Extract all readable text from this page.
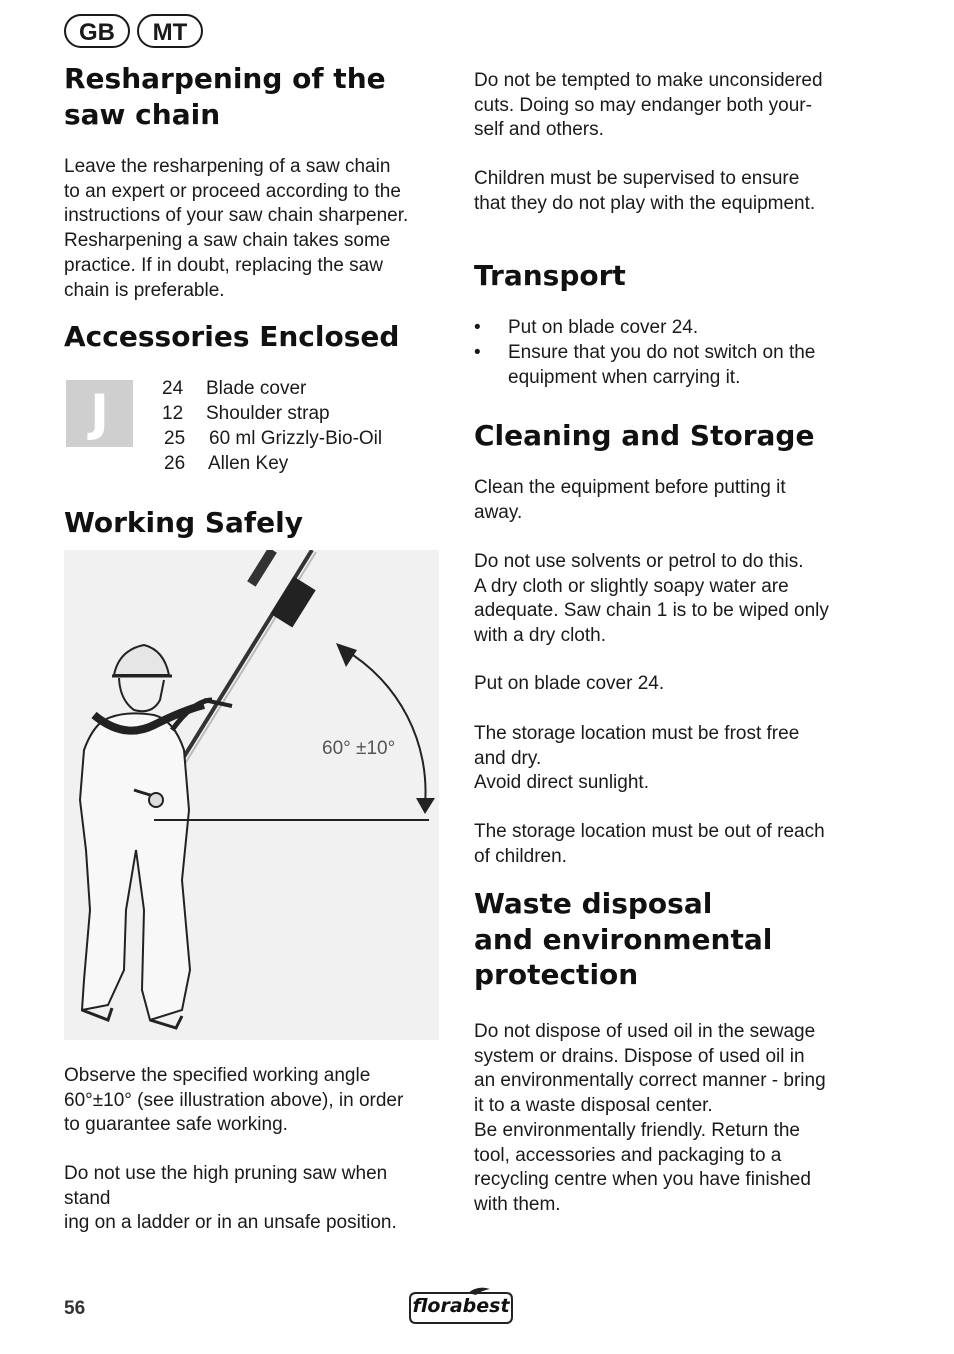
GB	MT
Resharpening of the
saw chain
Leave the resharpening of a saw chain
to an expert or proceed according to the
instructions of your saw chain sharpener.
Resharpening a saw chain takes some
practice. If in doubt, replacing the saw
chain is preferable.
Accessories Enclosed
J	24 Blade cover
12 Shoulder strap
25 60 ml Grizzly-Bio-Oil
26 Allen Key
Working Safely
60° ±10°
Observe the specified working angle
60°±10° (see illustration above), in order
to guarantee safe working.
Do not use the high pruning saw when
stand
ing on a ladder or in an unsafe position.
Do not be tempted to make unconsidered
cuts. Doing so may endanger both your-
self and others.
Children must be supervised to ensure
that they do not play with the equipment.
Transport
• Put on blade cover 24.
• Ensure that you do not switch on the
equipment when carrying it.
Cleaning and Storage
Clean the equipment before putting it
away.
Do not use solvents or petrol to do this.
A dry cloth or slightly soapy water are
adequate. Saw chain 1 is to be wiped only
with a dry cloth.
Put on blade cover 24.
The storage location must be frost free
and dry.
Avoid direct sunlight.
The storage location must be out of reach
of children.
Waste disposal
and environmental
protection
Do not dispose of used oil in the sewage
system or drains. Dispose of used oil in
an environmentally correct manner - bring
it to a waste disposal center.
Be environmentally friendly. Return the
tool, accessories and packaging to a
recycling centre when you have finished
with them.
56	florabest
